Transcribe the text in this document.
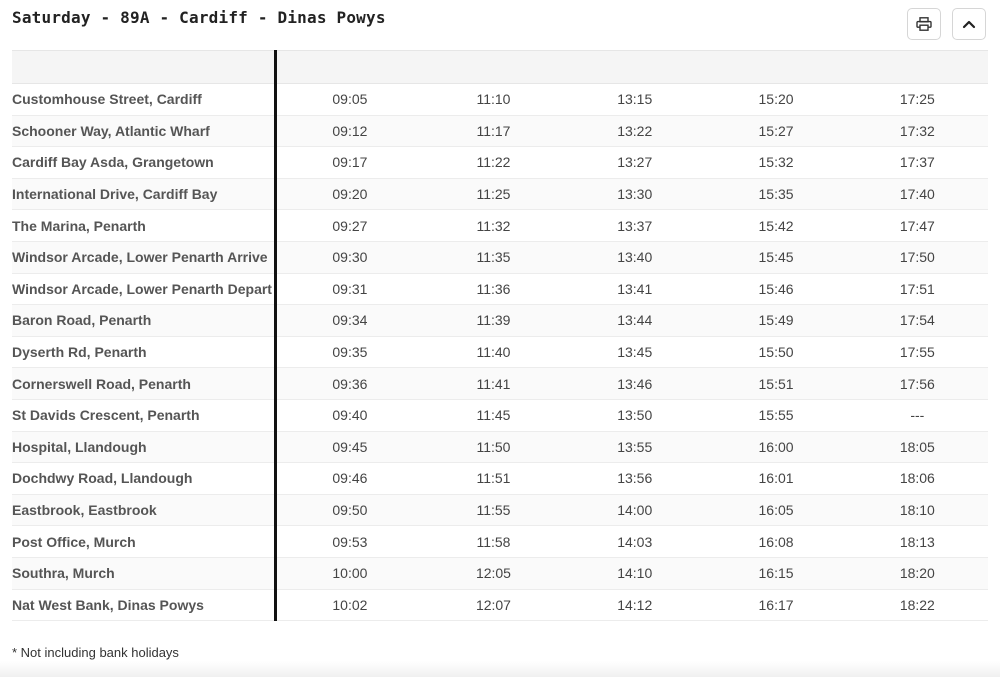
Saturday - 89A - Cardiff - Dinas Powys

Customhouse Street, Cardiff	09:05	11:10	13:15	15:20	17:25
Schooner Way, Atlantic Wharf	09:12	11:17	13:22	15:27	17:32
Cardiff Bay Asda, Grangetown	09:17	11:22	13:27	15:32	17:37
International Drive, Cardiff Bay	09:20	11:25	13:30	15:35	17:40
The Marina, Penarth	09:27	11:32	13:37	15:42	17:47
Windsor Arcade, Lower Penarth Arrive	09:30	11:35	13:40	15:45	17:50
Windsor Arcade, Lower Penarth Depart	09:31	11:36	13:41	15:46	17:51
Baron Road, Penarth	09:34	11:39	13:44	15:49	17:54
Dyserth Rd, Penarth	09:35	11:40	13:45	15:50	17:55
Cornerswell Road, Penarth	09:36	11:41	13:46	15:51	17:56
St Davids Crescent, Penarth	09:40	11:45	13:50	15:55	---
Hospital, Llandough	09:45	11:50	13:55	16:00	18:05
Dochdwy Road, Llandough	09:46	11:51	13:56	16:01	18:06
Eastbrook, Eastbrook	09:50	11:55	14:00	16:05	18:10
Post Office, Murch	09:53	11:58	14:03	16:08	18:13
Southra, Murch	10:00	12:05	14:10	16:15	18:20
Nat West Bank, Dinas Powys	10:02	12:07	14:12	16:17	18:22
* Not including bank holidays
